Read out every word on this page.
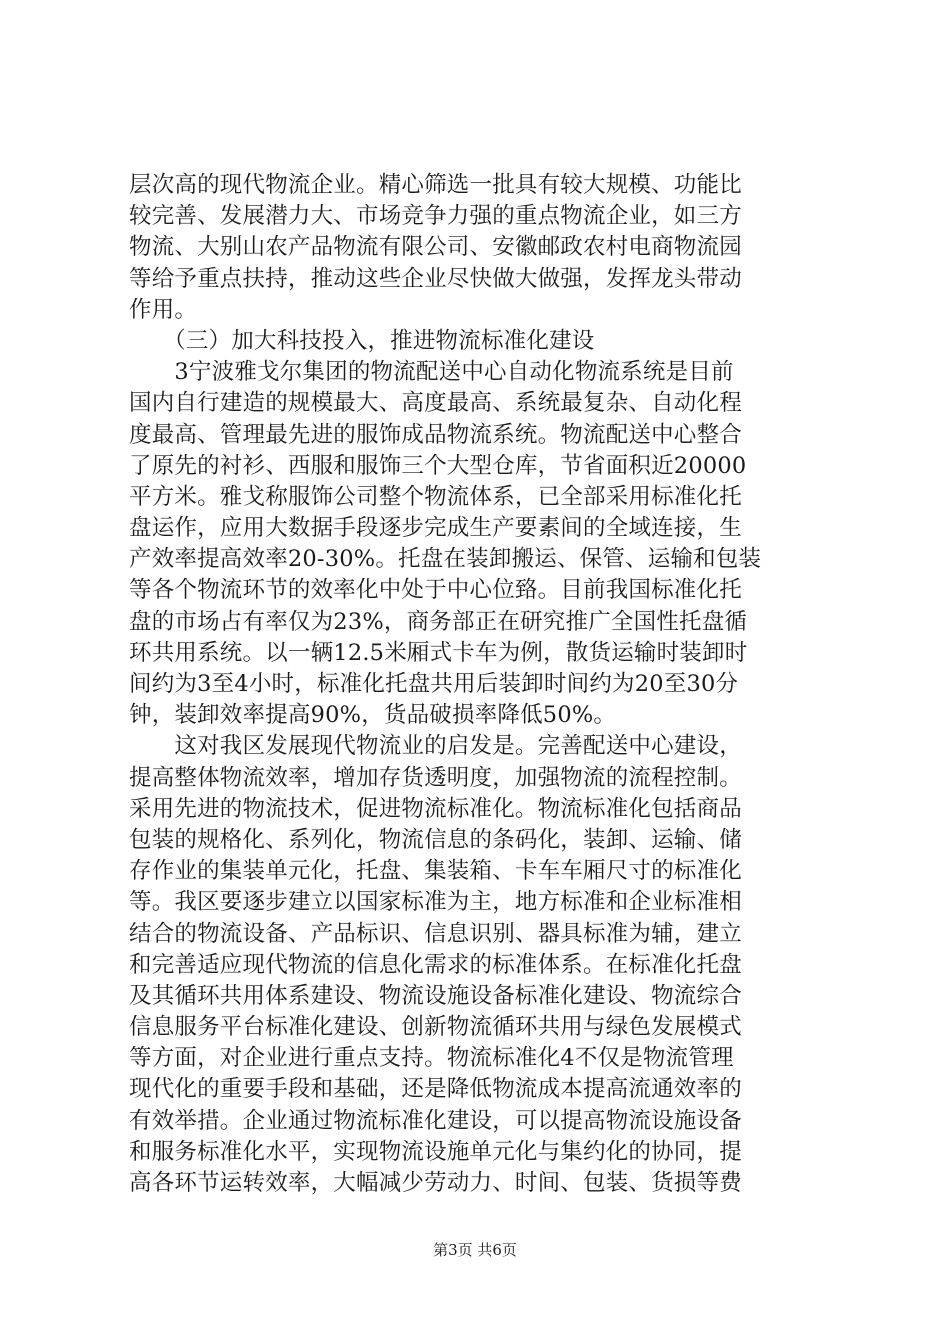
层次高的现代物流企业。精心筛选一批具有较大规模、功能比
较完善、发展潜力大、市场竞争力强的重点物流企业，如三方
物流、大别山农产品物流有限公司、安徽邮政农村电商物流园
等给予重点扶持，推动这些企业尽快做大做强，发挥龙头带动
作用。
　　（三）加大科技投入，推进物流标准化建设
　　3宁波雅戈尔集团的物流配送中心自动化物流系统是目前
国内自行建造的规模最大、高度最高、系统最复杂、自动化程
度最高、管理最先进的服饰成品物流系统。物流配送中心整合
了原先的衬衫、西服和服饰三个大型仓库，节省面积近20000
平方米。雅戈称服饰公司整个物流体系，已全部采用标准化托
盘运作，应用大数据手段逐步完成生产要素间的全域连接，生
产效率提高效率20-30%。托盘在装卸搬运、保管、运输和包装
等各个物流环节的效率化中处于中心位臵。目前我国标准化托
盘的市场占有率仅为23%，商务部正在研究推广全国性托盘循
环共用系统。以一辆12.5米厢式卡车为例，散货运输时装卸时
间约为3至4小时，标准化托盘共用后装卸时间约为20至30分
钟，装卸效率提高90%，货品破损率降低50%。
　　这对我区发展现代物流业的启发是。完善配送中心建设，
提高整体物流效率，增加存货透明度，加强物流的流程控制。
采用先进的物流技术，促进物流标准化。物流标准化包括商品
包装的规格化、系列化，物流信息的条码化，装卸、运输、储
存作业的集装单元化，托盘、集装箱、卡车车厢尺寸的标准化
等。我区要逐步建立以国家标准为主，地方标准和企业标准相
结合的物流设备、产品标识、信息识别、器具标准为辅，建立
和完善适应现代物流的信息化需求的标准体系。在标准化托盘
及其循环共用体系建设、物流设施设备标准化建设、物流综合
信息服务平台标准化建设、创新物流循环共用与绿色发展模式
等方面，对企业进行重点支持。物流标准化4不仅是物流管理
现代化的重要手段和基础，还是降低物流成本提高流通效率的
有效举措。企业通过物流标准化建设，可以提高物流设施设备
和服务标准化水平，实现物流设施单元化与集约化的协同，提
高各环节运转效率，大幅减少劳动力、时间、包装、货损等费
第3页 共6页
